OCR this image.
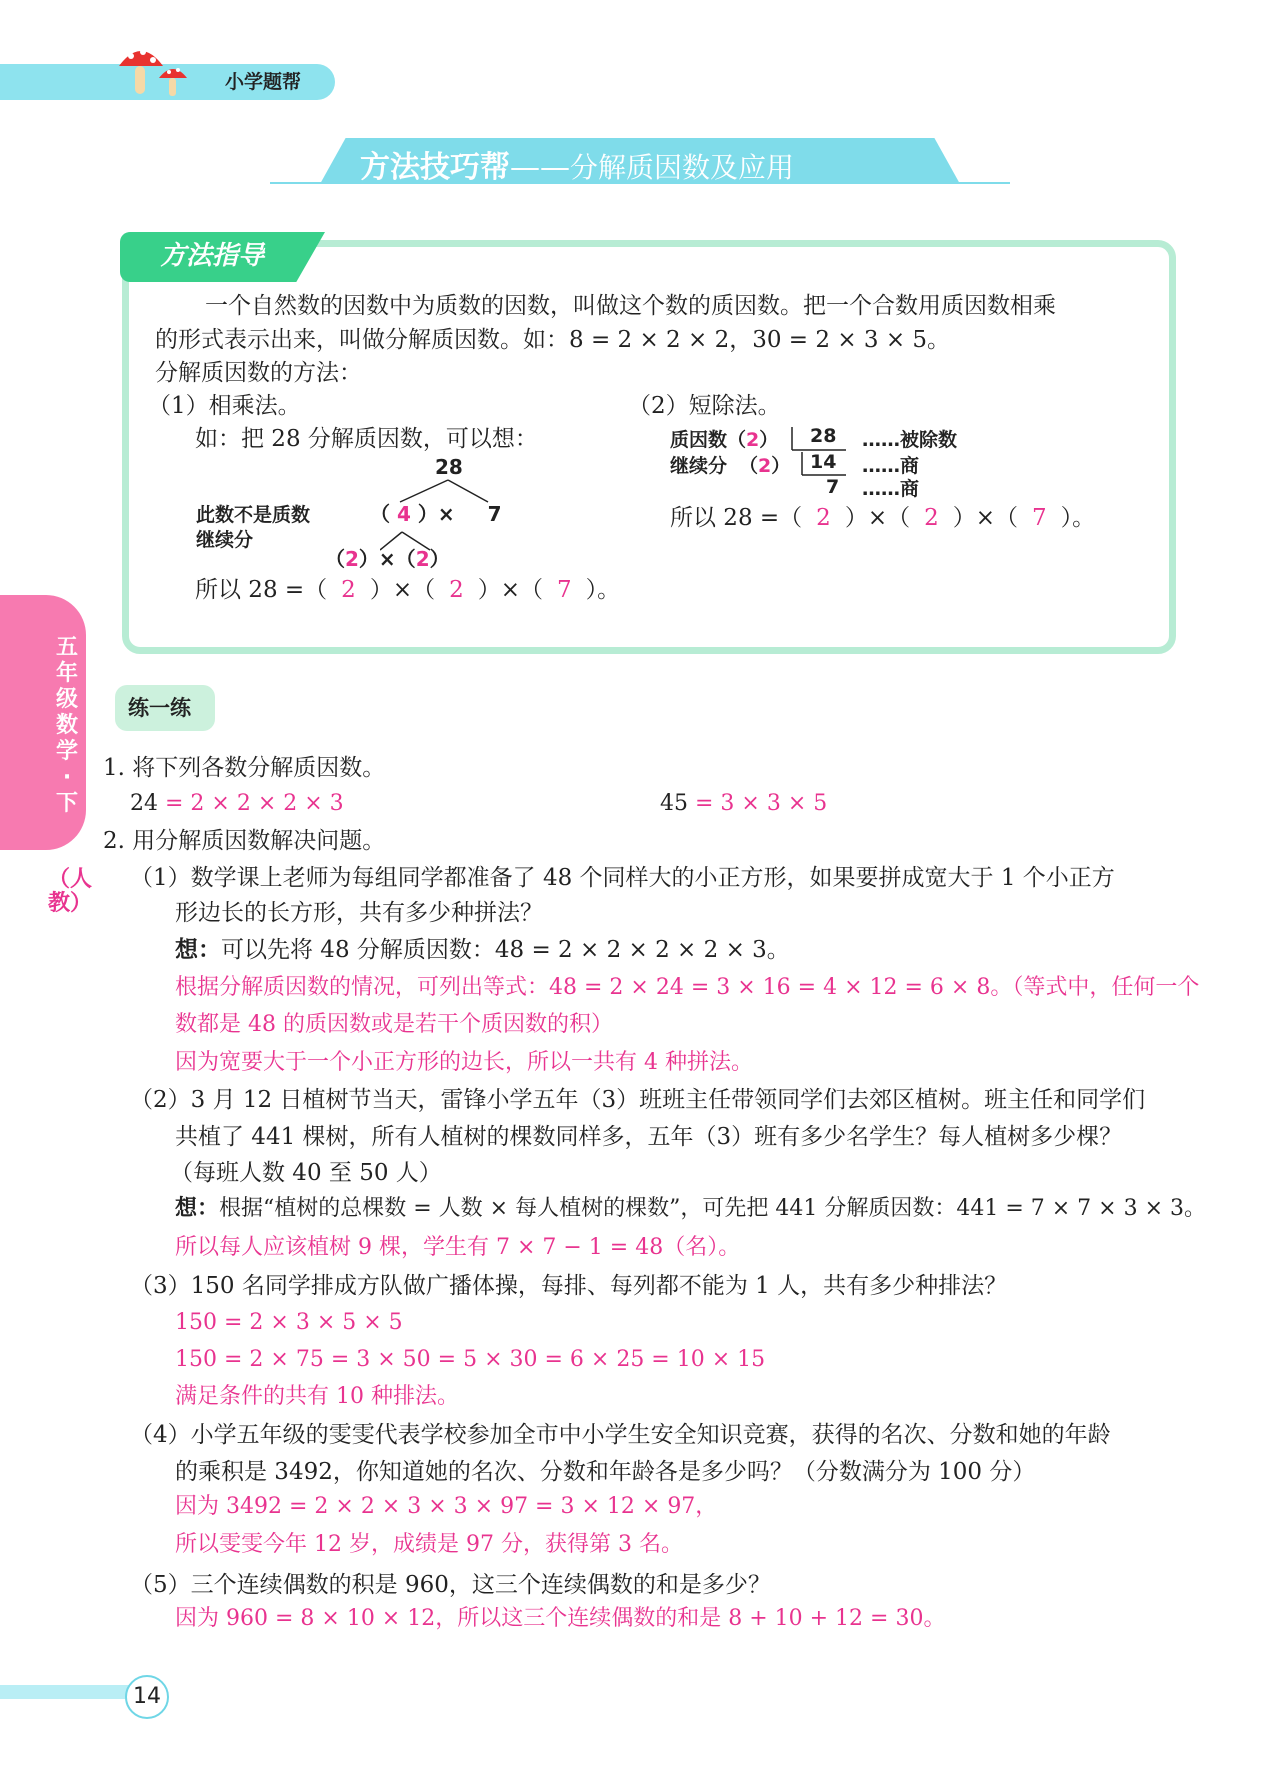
小学题帮
方法技巧帮——分解质因数及应用
方法指导
一个自然数的因数中为质数的因数，叫做这个数的质因数。把一个合数用质因数相乘
的形式表示出来，叫做分解质因数。如：8 = 2 × 2 × 2，30 = 2 × 3 × 5。
分解质因数的方法：
（1）相乘法。
如：把 28 分解质因数，可以想：
28
此数不是质数
继续分
（ 4 ）× 7
（2）×（2）
所以 28 =（ 2 ）×（ 2 ）×（ 7 ）。
（2）短除法。
质因数（2）
继续分 （2）
28 ……被除数
14 ……商
7 ……商
所以 28 =（ 2 ）×（ 2 ）×（ 7 ）。
五年级数学·下
（人教）
练一练
1. 将下列各数分解质因数。
24 = 2 × 2 × 2 × 3	45 = 3 × 3 × 5
2. 用分解质因数解决问题。
（1）数学课上老师为每组同学都准备了 48 个同样大的小正方形，如果要拼成宽大于 1 个小正方
形边长的长方形，共有多少种拼法？
想：可以先将 48 分解质因数：48 = 2 × 2 × 2 × 2 × 3。
根据分解质因数的情况，可列出等式：48 = 2 × 24 = 3 × 16 = 4 × 12 = 6 × 8。（等式中，任何一个
数都是 48 的质因数或是若干个质因数的积）
因为宽要大于一个小正方形的边长，所以一共有 4 种拼法。
（2）3 月 12 日植树节当天，雷锋小学五年（3）班班主任带领同学们去郊区植树。班主任和同学们
共植了 441 棵树，所有人植树的棵数同样多，五年（3）班有多少名学生？每人植树多少棵？
（每班人数 40 至 50 人）
想：根据“植树的总棵数 = 人数 × 每人植树的棵数”，可先把 441 分解质因数：441 = 7 × 7 × 3 × 3。
所以每人应该植树 9 棵，学生有 7 × 7 − 1 = 48（名）。
（3）150 名同学排成方队做广播体操，每排、每列都不能为 1 人，共有多少种排法？
150 = 2 × 3 × 5 × 5
150 = 2 × 75 = 3 × 50 = 5 × 30 = 6 × 25 = 10 × 15
满足条件的共有 10 种排法。
（4）小学五年级的雯雯代表学校参加全市中小学生安全知识竞赛，获得的名次、分数和她的年龄
的乘积是 3492，你知道她的名次、分数和年龄各是多少吗？（分数满分为 100 分）
因为 3492 = 2 × 2 × 3 × 3 × 97 = 3 × 12 × 97，
所以雯雯今年 12 岁，成绩是 97 分，获得第 3 名。
（5）三个连续偶数的积是 960，这三个连续偶数的和是多少？
因为 960 = 8 × 10 × 12，所以这三个连续偶数的和是 8 + 10 + 12 = 30。
14
